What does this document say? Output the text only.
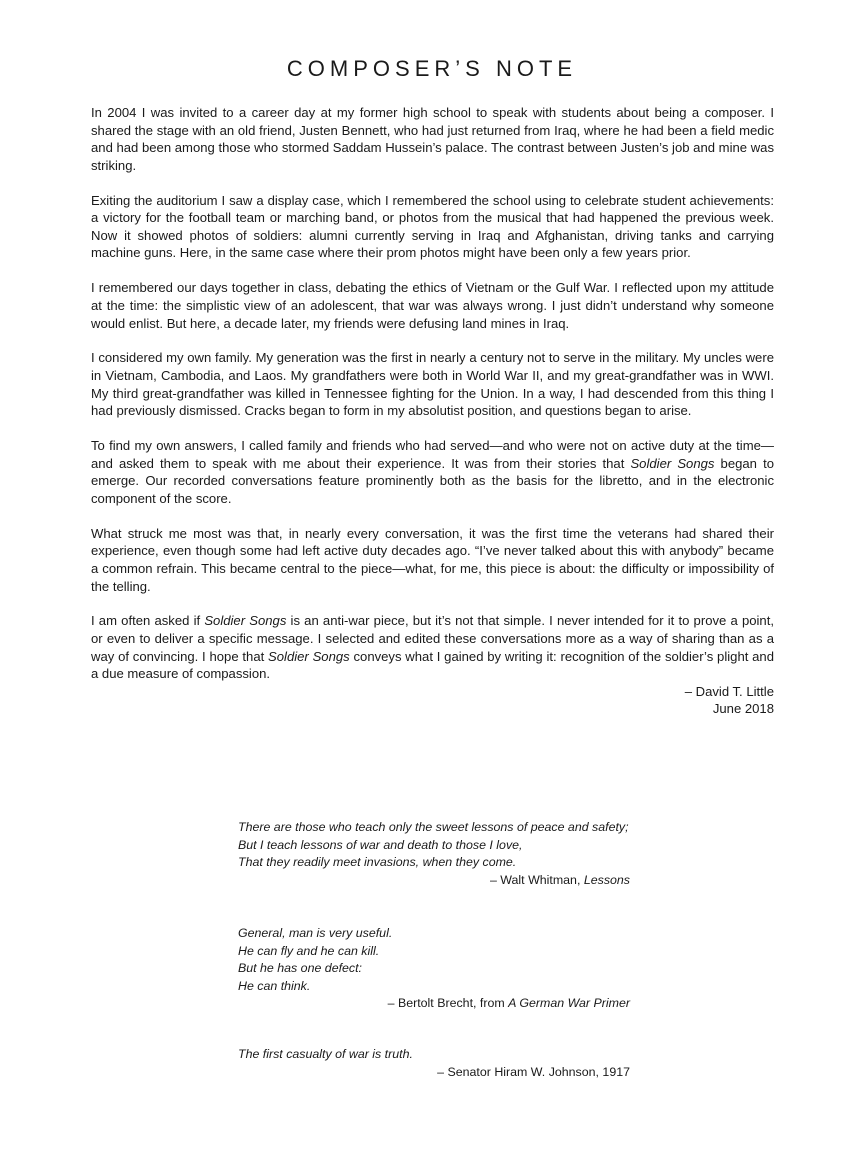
COMPOSER’S NOTE

In 2004 I was invited to a career day at my former high school to speak with students about being a composer. I shared the stage with an old friend, Justen Bennett, who had just returned from Iraq, where he had been a field medic and had been among those who stormed Saddam Hussein’s palace. The contrast between Justen’s job and mine was striking.

Exiting the auditorium I saw a display case, which I remembered the school using to celebrate student achievements: a victory for the football team or marching band, or photos from the musical that had happened the previous week. Now it showed photos of soldiers: alumni currently serving in Iraq and Afghanistan, driving tanks and carrying machine guns. Here, in the same case where their prom photos might have been only a few years prior.

I remembered our days together in class, debating the ethics of Vietnam or the Gulf War. I reflected upon my attitude at the time: the simplistic view of an adolescent, that war was always wrong. I just didn’t understand why someone would enlist. But here, a decade later, my friends were defusing land mines in Iraq.

I considered my own family. My generation was the first in nearly a century not to serve in the military. My uncles were in Vietnam, Cambodia, and Laos. My grandfathers were both in World War II, and my great-grandfather was in WWI. My third great-grandfather was killed in Tennessee fighting for the Union. In a way, I had descended from this thing I had previously dismissed. Cracks began to form in my absolutist position, and questions began to arise.

To find my own answers, I called family and friends who had served—and who were not on active duty at the time—and asked them to speak with me about their experience. It was from their stories that Soldier Songs began to emerge. Our recorded conversations feature prominently both as the basis for the libretto, and in the electronic component of the score.

What struck me most was that, in nearly every conversation, it was the first time the veterans had shared their experience, even though some had left active duty decades ago. “I’ve never talked about this with anybody” became a common refrain. This became central to the piece—what, for me, this piece is about: the difficulty or impossibility of the telling.

I am often asked if Soldier Songs is an anti-war piece, but it’s not that simple. I never intended for it to prove a point, or even to deliver a specific message. I selected and edited these conversations more as a way of sharing than as a way of convincing. I hope that Soldier Songs conveys what I gained by writing it: recognition of the soldier’s plight and a due measure of compassion.

– David T. Little
June 2018
There are those who teach only the sweet lessons of peace and safety;
But I teach lessons of war and death to those I love,
That they readily meet invasions, when they come.
– Walt Whitman, Lessons
General, man is very useful.
He can fly and he can kill.
But he has one defect:
He can think.
– Bertolt Brecht, from A German War Primer
The first casualty of war is truth.
– Senator Hiram W. Johnson, 1917
